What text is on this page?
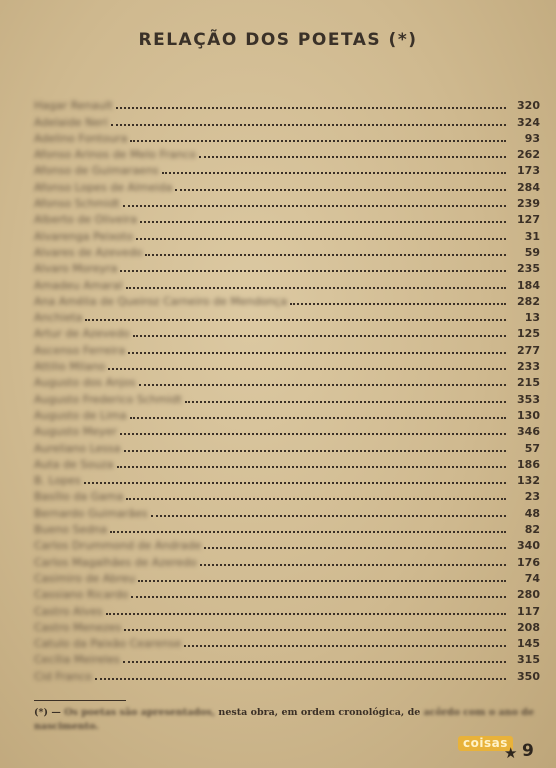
RELAÇÃO DOS POETAS (*)
Hagar Renault	320
Adelaide Neri	324
Adelino Fontoura	93
Afonso Arinos de Melo Franco	262
Afonso de Guimaraens	173
Afonso Lopes de Almeida	284
Afonso Schmidt	239
Alberto de Oliveira	127
Alvarenga Peixoto	31
Alvares de Azevedo	59
Alvaro Moreyra	235
Amadeu Amaral	184
Ana Amélia de Queiroz Carneiro de Mendonça	282
Anchieta	13
Artur de Azevedo	125
Ascenso Ferreira	277
Attilio Milano	233
Augusto dos Anjos	215
Augusto Frederico Schmidt	353
Augusto de Lima	130
Augusto Meyer	346
Aureliano Lessa	57
Auta de Souza	186
B. Lopes	132
Basílio da Gama	23
Bernardo Guimarães	48
Bueno Sedna	82
Carlos Drummond de Andrade	340
Carlos Magalhães de Azeredo	176
Casimiro de Abreu	74
Cassiano Ricardo	280
Castro Alves	117
Castro Menezes	208
Catulo da Paixão Cearense	145
Cecília Meireles	315
Cid Franco	350
(*) — Os poetas são apresentados, nesta obra, em ordem cronológica, de acôrdo com o ano de nascimento.
coisas
★ 9
